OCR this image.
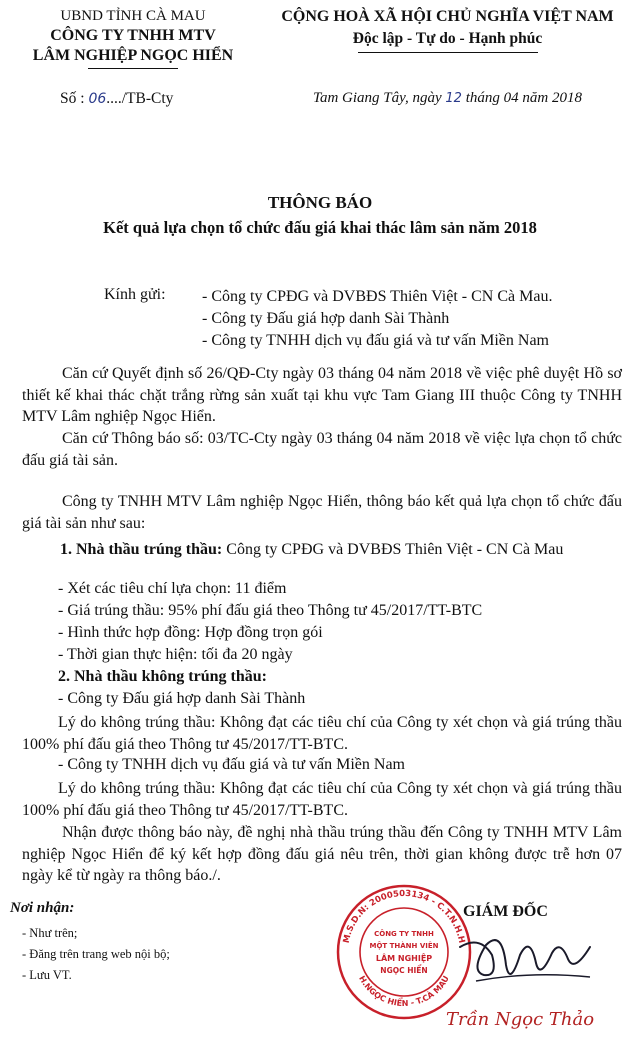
UBND TỈNH CÀ MAU
CÔNG TY TNHH MTV
LÂM NGHIỆP NGỌC HIỂN
CỘNG HOÀ XÃ HỘI CHỦ NGHĨA VIỆT NAM
Độc lập - Tự do - Hạnh phúc
Số : 06..../TB-Cty	Tam Giang Tây, ngày 12 tháng 04 năm 2018
THÔNG BÁO
Kết quả lựa chọn tổ chức đấu giá khai thác lâm sản năm 2018
Kính gửi: - Công ty CPĐG và DVBĐS Thiên Việt - CN Cà Mau.
- Công ty Đấu giá hợp danh Sài Thành
- Công ty TNHH dịch vụ đấu giá và tư vấn Miền Nam
Căn cứ Quyết định số 26/QĐ-Cty ngày 03 tháng 04 năm 2018 về việc phê duyệt Hồ sơ thiết kế khai thác chặt trắng rừng sản xuất tại khu vực Tam Giang III thuộc Công ty TNHH MTV Lâm nghiệp Ngọc Hiển.
Căn cứ Thông báo số: 03/TC-Cty ngày 03 tháng 04 năm 2018 về việc lựa chọn tổ chức đấu giá tài sản.
Công ty TNHH MTV Lâm nghiệp Ngọc Hiển, thông báo kết quả lựa chọn tổ chức đấu giá tài sản như sau:
1. Nhà thầu trúng thầu: Công ty CPĐG và DVBĐS Thiên Việt - CN Cà Mau
- Xét các tiêu chí lựa chọn: 11 điểm
- Giá trúng thầu: 95% phí đấu giá theo Thông tư 45/2017/TT-BTC
- Hình thức hợp đồng: Hợp đồng trọn gói
- Thời gian thực hiện: tối đa 20 ngày
2. Nhà thầu không trúng thầu:
- Công ty Đấu giá hợp danh Sài Thành
Lý do không trúng thầu: Không đạt các tiêu chí của Công ty xét chọn và giá trúng thầu 100% phí đấu giá theo Thông tư 45/2017/TT-BTC.
- Công ty TNHH dịch vụ đấu giá và tư vấn Miền Nam
Lý do không trúng thầu: Không đạt các tiêu chí của Công ty xét chọn và giá trúng thầu 100% phí đấu giá theo Thông tư 45/2017/TT-BTC.
Nhận được thông báo này, đề nghị nhà thầu trúng thầu đến Công ty TNHH MTV Lâm nghiệp Ngọc Hiển để ký kết hợp đồng đấu giá nêu trên, thời gian không được trễ hơn 07 ngày kể từ ngày ra thông báo./.
Nơi nhận:
- Như trên;
- Đăng trên trang web nội bộ;
- Lưu VT.
M.S.D.N: 2000503134 - C.T.N.H.H
H.NGỌC HIỂN - T.CÀ MAU
CÔNG TY TNHH
MỘT THÀNH VIÊN
LÂM NGHIỆP
NGỌC HIỂN
GIÁM ĐỐC
Trần Ngọc Thảo
